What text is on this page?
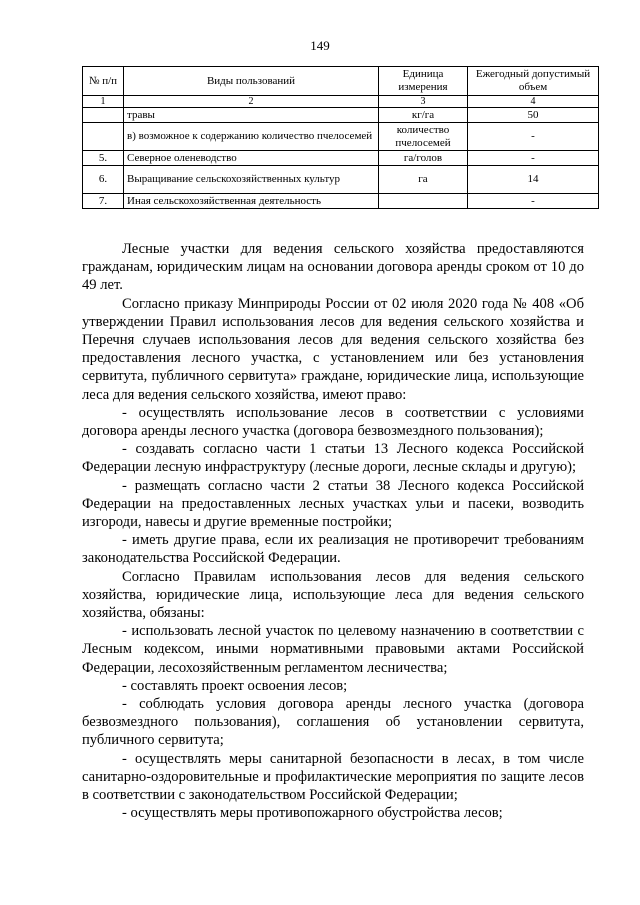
149
№ п/п	Виды пользований	Единица измерения	Ежегодный допустимый объем
1	2	3	4
	травы	кг/га	50
	в) возможное к содержанию количество пчелосемей	количество пчелосемей	-
5.	Северное оленеводство	га/голов	-
6.	Выращивание сельскохозяйственных культур	га	14
7.	Иная сельскохозяйственная деятельность		-

Лесные участки для ведения сельского хозяйства предоставляются гражданам, юридическим лицам на основании договора аренды сроком от 10 до 49 лет.

Согласно приказу Минприроды России от 02 июля 2020 года № 408 «Об утверждении Правил использования лесов для ведения сельского хозяйства и Перечня случаев использования лесов для ведения сельского хозяйства без предоставления лесного участка, с установлением или без установления сервитута, публичного сервитута» граждане, юридические лица, использующие леса для ведения сельского хозяйства, имеют право:

- осуществлять использование лесов в соответствии с условиями договора аренды лесного участка (договора безвозмездного пользования);

- создавать согласно части 1 статьи 13 Лесного кодекса Российской Федерации лесную инфраструктуру (лесные дороги, лесные склады и другую);

- размещать согласно части 2 статьи 38 Лесного кодекса Российской Федерации на предоставленных лесных участках ульи и пасеки, возводить изгороди, навесы и другие временные постройки;

- иметь другие права, если их реализация не противоречит требованиям законодательства Российской Федерации.

Согласно Правилам использования лесов для ведения сельского хозяйства, юридические лица, использующие леса для ведения сельского хозяйства, обязаны:

- использовать лесной участок по целевому назначению в соответствии с Лесным кодексом, иными нормативными правовыми актами Российской Федерации, лесохозяйственным регламентом лесничества;

- составлять проект освоения лесов;

- соблюдать условия договора аренды лесного участка (договора безвозмездного пользования), соглашения об установлении сервитута, публичного сервитута;

- осуществлять меры санитарной безопасности в лесах, в том числе санитарно-оздоровительные и профилактические мероприятия по защите лесов в соответствии с законодательством Российской Федерации;

- осуществлять меры противопожарного обустройства лесов;
